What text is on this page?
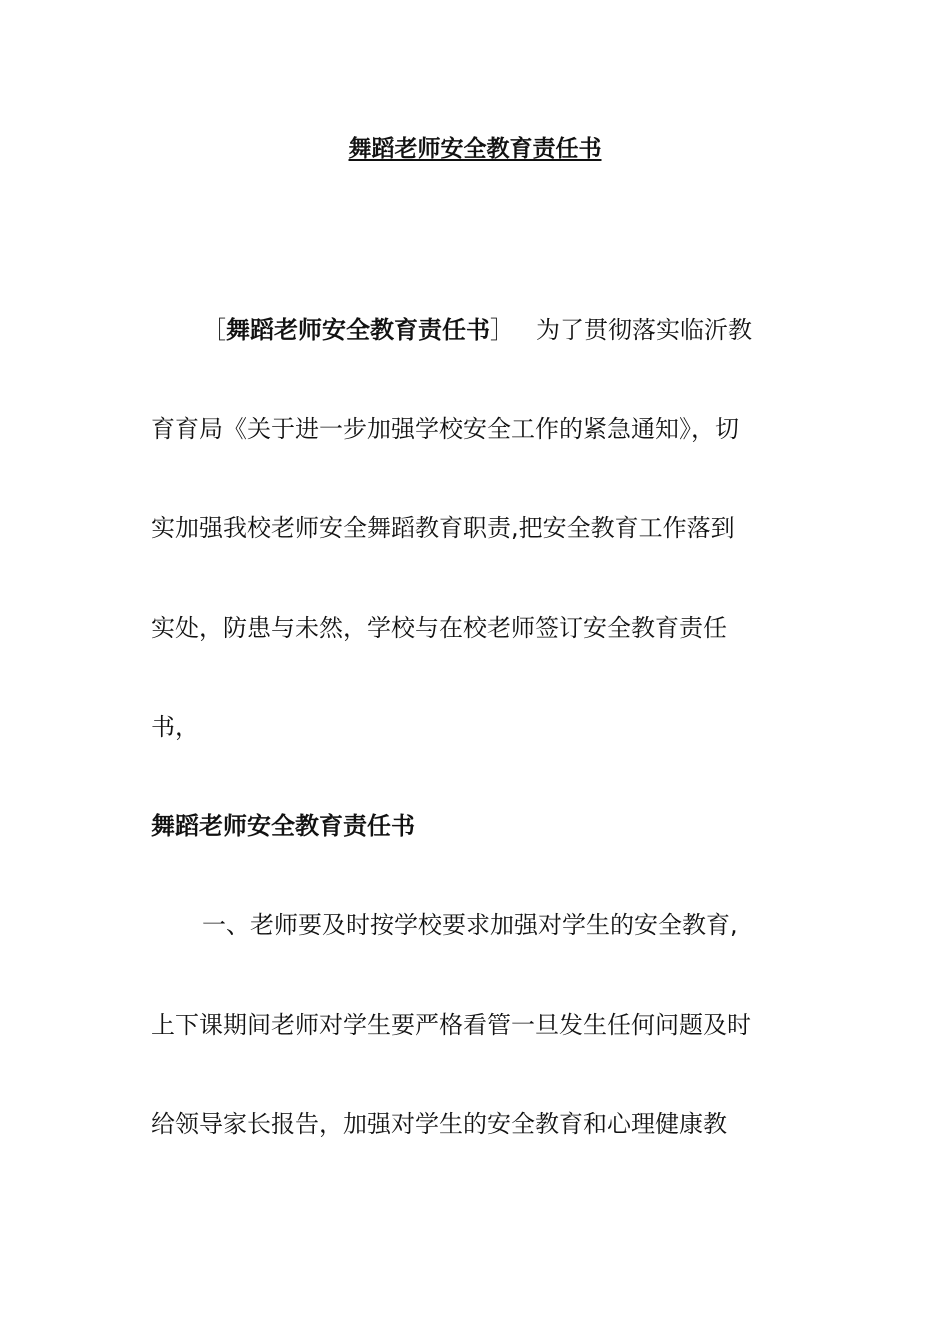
舞蹈老师安全教育责任书
［舞蹈老师安全教育责任书］ 为了贯彻落实临沂教
育育局《关于进一步加强学校安全工作的紧急通知》，切
实加强我校老师安全舞蹈教育职责,把安全教育工作落到
实处，防患与未然，学校与在校老师签订安全教育责任
书，
舞蹈老师安全教育责任书
一、老师要及时按学校要求加强对学生的安全教育,
上下课期间老师对学生要严格看管一旦发生任何问题及时
给领导家长报告，加强对学生的安全教育和心理健康教
